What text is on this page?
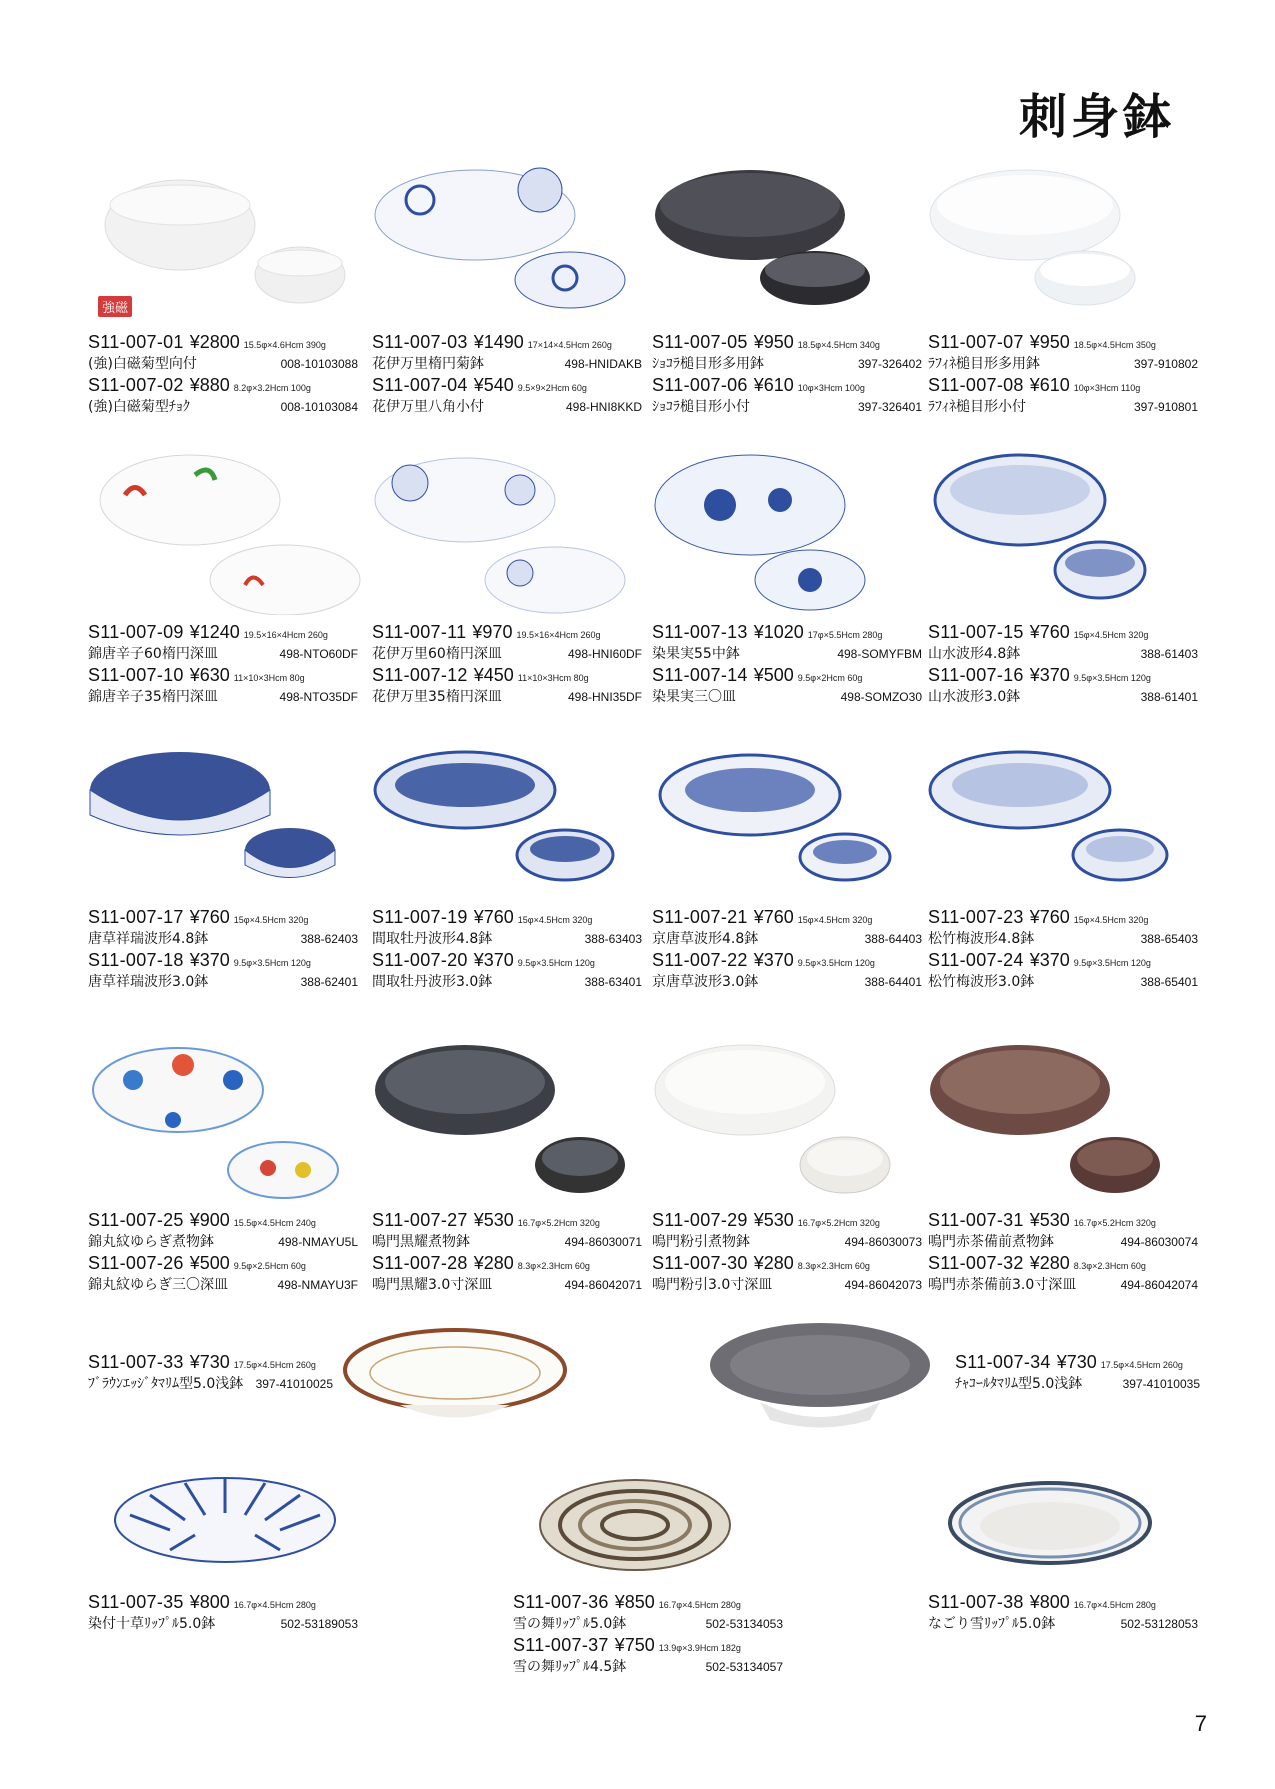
刺身鉢
強磁
S11-007-01 ¥2800 15.5φ×4.6Hcm 390g
(強)白磁菊型向付	008-10103088
S11-007-02 ¥880 8.2φ×3.2Hcm 100g
(強)白磁菊型ﾁｮｸ	008-10103084
S11-007-03 ¥1490 17×14×4.5Hcm 260g
花伊万里楕円菊鉢	498-HNIDAKB
S11-007-04 ¥540 9.5×9×2Hcm 60g
花伊万里八角小付	498-HNI8KKD
S11-007-05 ¥950 18.5φ×4.5Hcm 340g
ｼｮｺﾗ槌目形多用鉢	397-326402
S11-007-06 ¥610 10φ×3Hcm 100g
ｼｮｺﾗ槌目形小付	397-326401
S11-007-07 ¥950 18.5φ×4.5Hcm 350g
ﾗﾌｨﾈ槌目形多用鉢	397-910802
S11-007-08 ¥610 10φ×3Hcm 110g
ﾗﾌｨﾈ槌目形小付	397-910801
S11-007-09 ¥1240 19.5×16×4Hcm 260g
錦唐辛子60楕円深皿	498-NTO60DF
S11-007-10 ¥630 11×10×3Hcm 80g
錦唐辛子35楕円深皿	498-NTO35DF
S11-007-11 ¥970 19.5×16×4Hcm 260g
花伊万里60楕円深皿	498-HNI60DF
S11-007-12 ¥450 11×10×3Hcm 80g
花伊万里35楕円深皿	498-HNI35DF
S11-007-13 ¥1020 17φ×5.5Hcm 280g
染果実55中鉢	498-SOMYFBM
S11-007-14 ¥500 9.5φ×2Hcm 60g
染果実三〇皿	498-SOMZO30
S11-007-15 ¥760 15φ×4.5Hcm 320g
山水波形4.8鉢	388-61403
S11-007-16 ¥370 9.5φ×3.5Hcm 120g
山水波形3.0鉢	388-61401
S11-007-17 ¥760 15φ×4.5Hcm 320g
唐草祥瑞波形4.8鉢	388-62403
S11-007-18 ¥370 9.5φ×3.5Hcm 120g
唐草祥瑞波形3.0鉢	388-62401
S11-007-19 ¥760 15φ×4.5Hcm 320g
間取牡丹波形4.8鉢	388-63403
S11-007-20 ¥370 9.5φ×3.5Hcm 120g
間取牡丹波形3.0鉢	388-63401
S11-007-21 ¥760 15φ×4.5Hcm 320g
京唐草波形4.8鉢	388-64403
S11-007-22 ¥370 9.5φ×3.5Hcm 120g
京唐草波形3.0鉢	388-64401
S11-007-23 ¥760 15φ×4.5Hcm 320g
松竹梅波形4.8鉢	388-65403
S11-007-24 ¥370 9.5φ×3.5Hcm 120g
松竹梅波形3.0鉢	388-65401
S11-007-25 ¥900 15.5φ×4.5Hcm 240g
錦丸紋ゆらぎ煮物鉢	498-NMAYU5L
S11-007-26 ¥500 9.5φ×2.5Hcm 60g
錦丸紋ゆらぎ三〇深皿	498-NMAYU3F
S11-007-27 ¥530 16.7φ×5.2Hcm 320g
鳴門黒耀煮物鉢	494-86030071
S11-007-28 ¥280 8.3φ×2.3Hcm 60g
鳴門黒耀3.0寸深皿	494-86042071
S11-007-29 ¥530 16.7φ×5.2Hcm 320g
鳴門粉引煮物鉢	494-86030073
S11-007-30 ¥280 8.3φ×2.3Hcm 60g
鳴門粉引3.0寸深皿	494-86042073
S11-007-31 ¥530 16.7φ×5.2Hcm 320g
鳴門赤茶備前煮物鉢	494-86030074
S11-007-32 ¥280 8.3φ×2.3Hcm 60g
鳴門赤茶備前3.0寸深皿	494-86042074
S11-007-33 ¥730 17.5φ×4.5Hcm 260g
ﾌﾞﾗｳﾝｴｯｼﾞﾀﾏﾘﾑ型5.0浅鉢 397-41010025
S11-007-34 ¥730 17.5φ×4.5Hcm 260g
ﾁｬｺｰﾙﾀﾏﾘﾑ型5.0浅鉢	397-41010035
S11-007-35 ¥800 16.7φ×4.5Hcm 280g
染付十草ﾘｯﾌﾟﾙ5.0鉢	502-53189053
S11-007-36 ¥850 16.7φ×4.5Hcm 280g
雪の舞ﾘｯﾌﾟﾙ5.0鉢	502-53134053
S11-007-37 ¥750 13.9φ×3.9Hcm 182g
雪の舞ﾘｯﾌﾟﾙ4.5鉢	502-53134057
S11-007-38 ¥800 16.7φ×4.5Hcm 280g
なごり雪ﾘｯﾌﾟﾙ5.0鉢	502-53128053
7
